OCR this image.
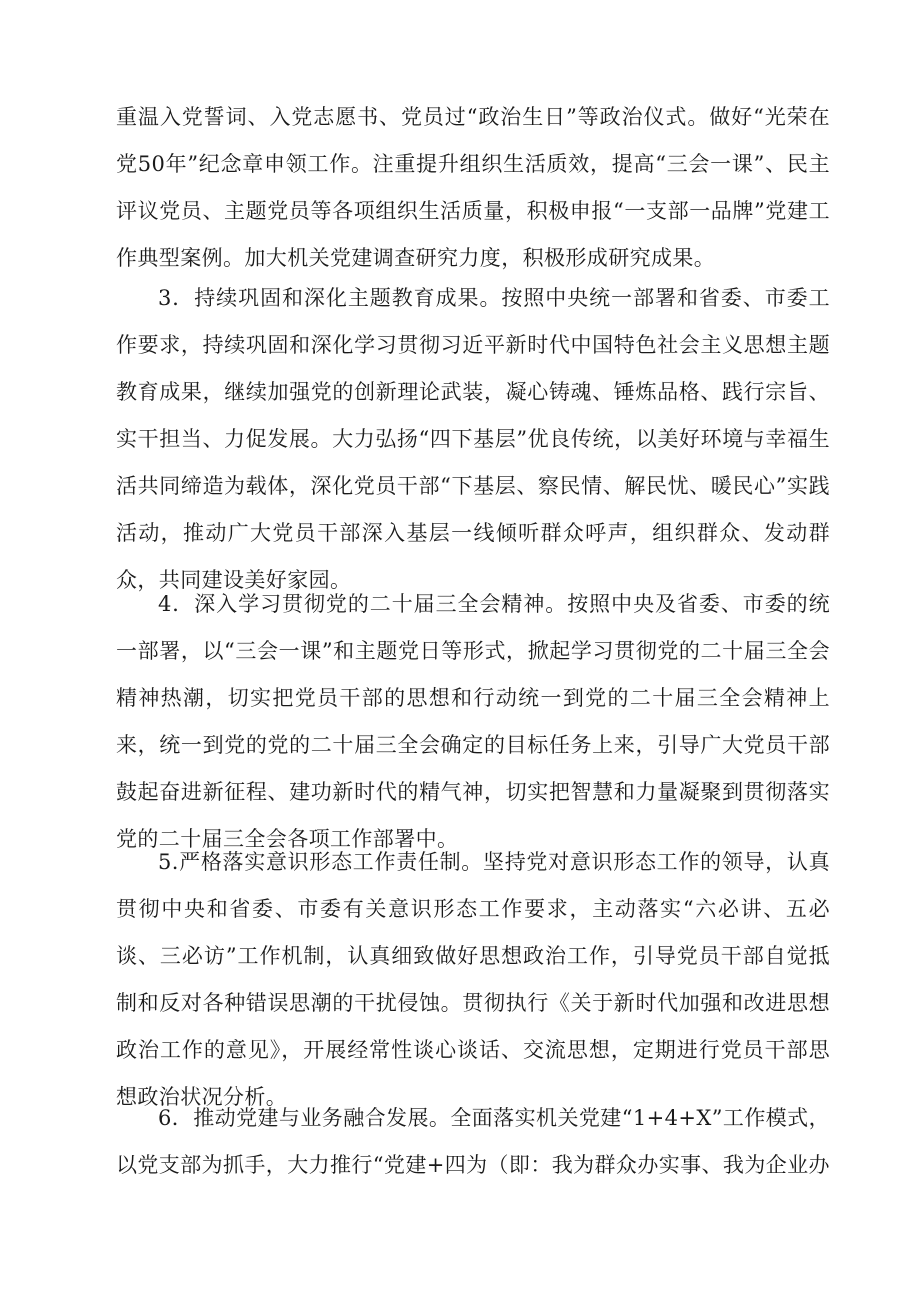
重温入党誓词、入党志愿书、党员过“政治生日”等政治仪式。做好“光荣在党50年”纪念章申领工作。注重提升组织生活质效，提高“三会一课”、民主评议党员、主题党员等各项组织生活质量，积极申报“一支部一品牌”党建工作典型案例。加大机关党建调查研究力度，积极形成研究成果。

3．持续巩固和深化主题教育成果。按照中央统一部署和省委、市委工作要求，持续巩固和深化学习贯彻习近平新时代中国特色社会主义思想主题教育成果，继续加强党的创新理论武装，凝心铸魂、锤炼品格、践行宗旨、实干担当、力促发展。大力弘扬“四下基层”优良传统，以美好环境与幸福生活共同缔造为载体，深化党员干部“下基层、察民情、解民忧、暖民心”实践活动，推动广大党员干部深入基层一线倾听群众呼声，组织群众、发动群众，共同建设美好家园。

4．深入学习贯彻党的二十届三全会精神。按照中央及省委、市委的统一部署，以“三会一课”和主题党日等形式，掀起学习贯彻党的二十届三全会精神热潮，切实把党员干部的思想和行动统一到党的二十届三全会精神上来，统一到党的党的二十届三全会确定的目标任务上来，引导广大党员干部鼓起奋进新征程、建功新时代的精气神，切实把智慧和力量凝聚到贯彻落实党的二十届三全会各项工作部署中。

5.严格落实意识形态工作责任制。坚持党对意识形态工作的领导，认真贯彻中央和省委、市委有关意识形态工作要求，主动落实“六必讲、五必谈、三必访”工作机制，认真细致做好思想政治工作，引导党员干部自觉抵制和反对各种错误思潮的干扰侵蚀。贯彻执行《关于新时代加强和改进思想政治工作的意见》，开展经常性谈心谈话、交流思想，定期进行党员干部思想政治状况分析。

6．推动党建与业务融合发展。全面落实机关党建“1+4+X”工作模式，以党支部为抓手，大力推行“党建+四为（即：我为群众办实事、我为企业办
